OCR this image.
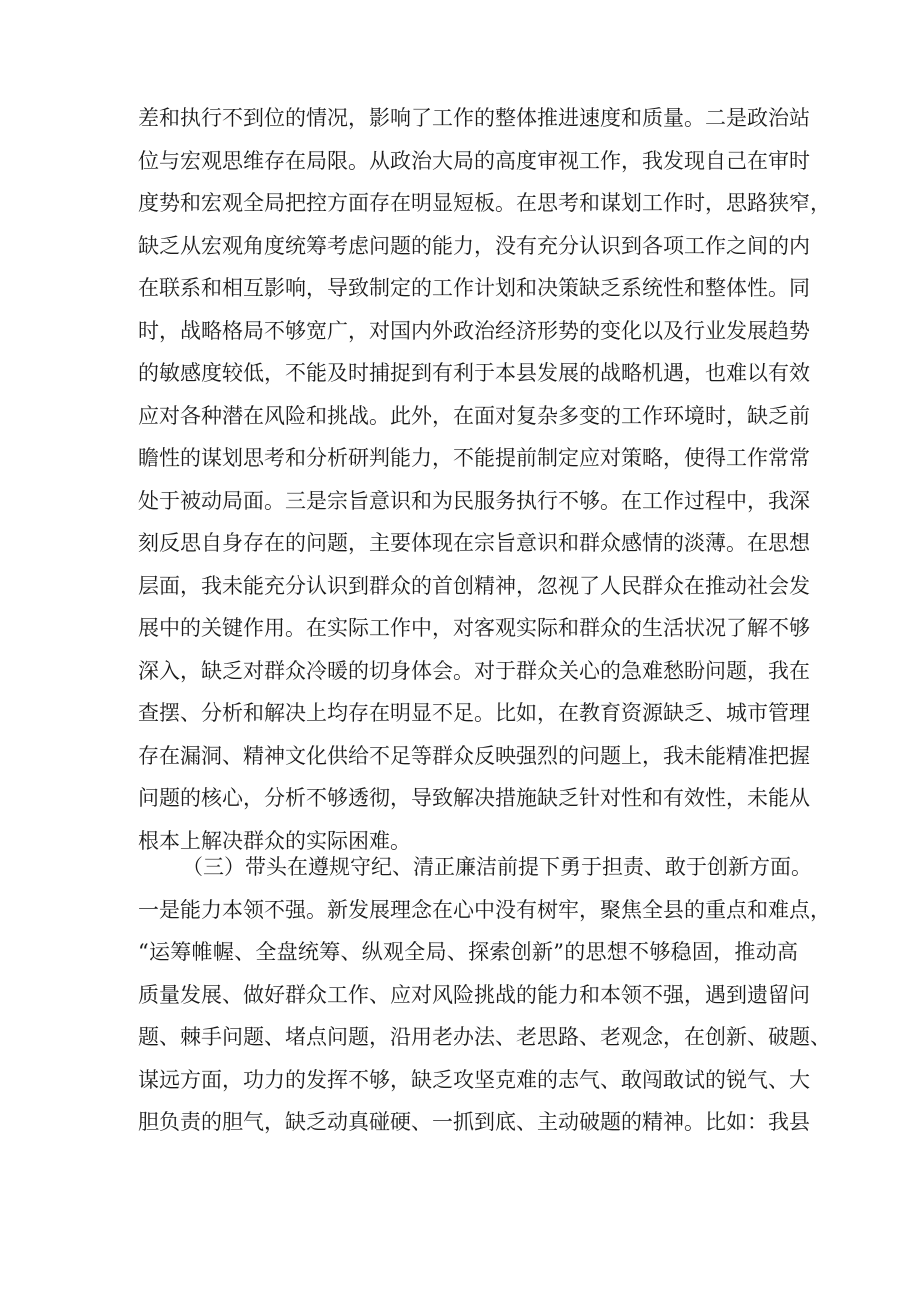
差和执行不到位的情况，影响了工作的整体推进速度和质量。二是政治站
位与宏观思维存在局限。从政治大局的高度审视工作，我发现自己在审时
度势和宏观全局把控方面存在明显短板。在思考和谋划工作时，思路狭窄，
缺乏从宏观角度统筹考虑问题的能力，没有充分认识到各项工作之间的内
在联系和相互影响，导致制定的工作计划和决策缺乏系统性和整体性。同
时，战略格局不够宽广，对国内外政治经济形势的变化以及行业发展趋势
的敏感度较低，不能及时捕捉到有利于本县发展的战略机遇，也难以有效
应对各种潜在风险和挑战。此外，在面对复杂多变的工作环境时，缺乏前
瞻性的谋划思考和分析研判能力，不能提前制定应对策略，使得工作常常
处于被动局面。三是宗旨意识和为民服务执行不够。在工作过程中，我深
刻反思自身存在的问题，主要体现在宗旨意识和群众感情的淡薄。在思想
层面，我未能充分认识到群众的首创精神，忽视了人民群众在推动社会发
展中的关键作用。在实际工作中，对客观实际和群众的生活状况了解不够
深入，缺乏对群众冷暖的切身体会。对于群众关心的急难愁盼问题，我在
查摆、分析和解决上均存在明显不足。比如，在教育资源缺乏、城市管理
存在漏洞、精神文化供给不足等群众反映强烈的问题上，我未能精准把握
问题的核心，分析不够透彻，导致解决措施缺乏针对性和有效性，未能从
根本上解决群众的实际困难。
（三）带头在遵规守纪、清正廉洁前提下勇于担责、敢于创新方面。
一是能力本领不强。新发展理念在心中没有树牢，聚焦全县的重点和难点，
“运筹帷幄、全盘统筹、纵观全局、探索创新”的思想不够稳固，推动高
质量发展、做好群众工作、应对风险挑战的能力和本领不强，遇到遗留问
题、棘手问题、堵点问题，沿用老办法、老思路、老观念，在创新、破题、
谋远方面，功力的发挥不够，缺乏攻坚克难的志气、敢闯敢试的锐气、大
胆负责的胆气，缺乏动真碰硬、一抓到底、主动破题的精神。比如：我县
